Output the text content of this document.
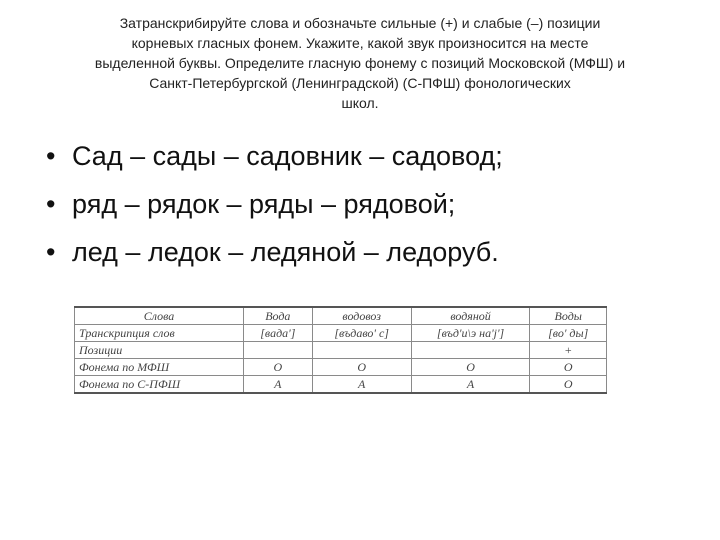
Затранскрибируйте слова и обозначьте сильные (+) и слабые (–) позиции
корневых гласных фонем. Укажите, какой звук произносится на месте
выделенной буквы. Определите гласную фонему с позиций Московской (МФШ) и
Санкт-Петербургской (Ленинградской) (С-ПФШ) фонологических
школ.
• Сад – сады – садовник – садовод;
• ряд – рядок – ряды – рядовой;
• лед – ледок – ледяной – ледоруб.
Слова	Вода	водовоз	водяной	Воды
Транскрипция слов	[вада']	[въдаво' с]	[въд'и\э на'j']	[во' ды]
Позиции				+
Фонема по МФШ	О	О	О	О
Фонема по С-ПФШ	А	А	А	О
